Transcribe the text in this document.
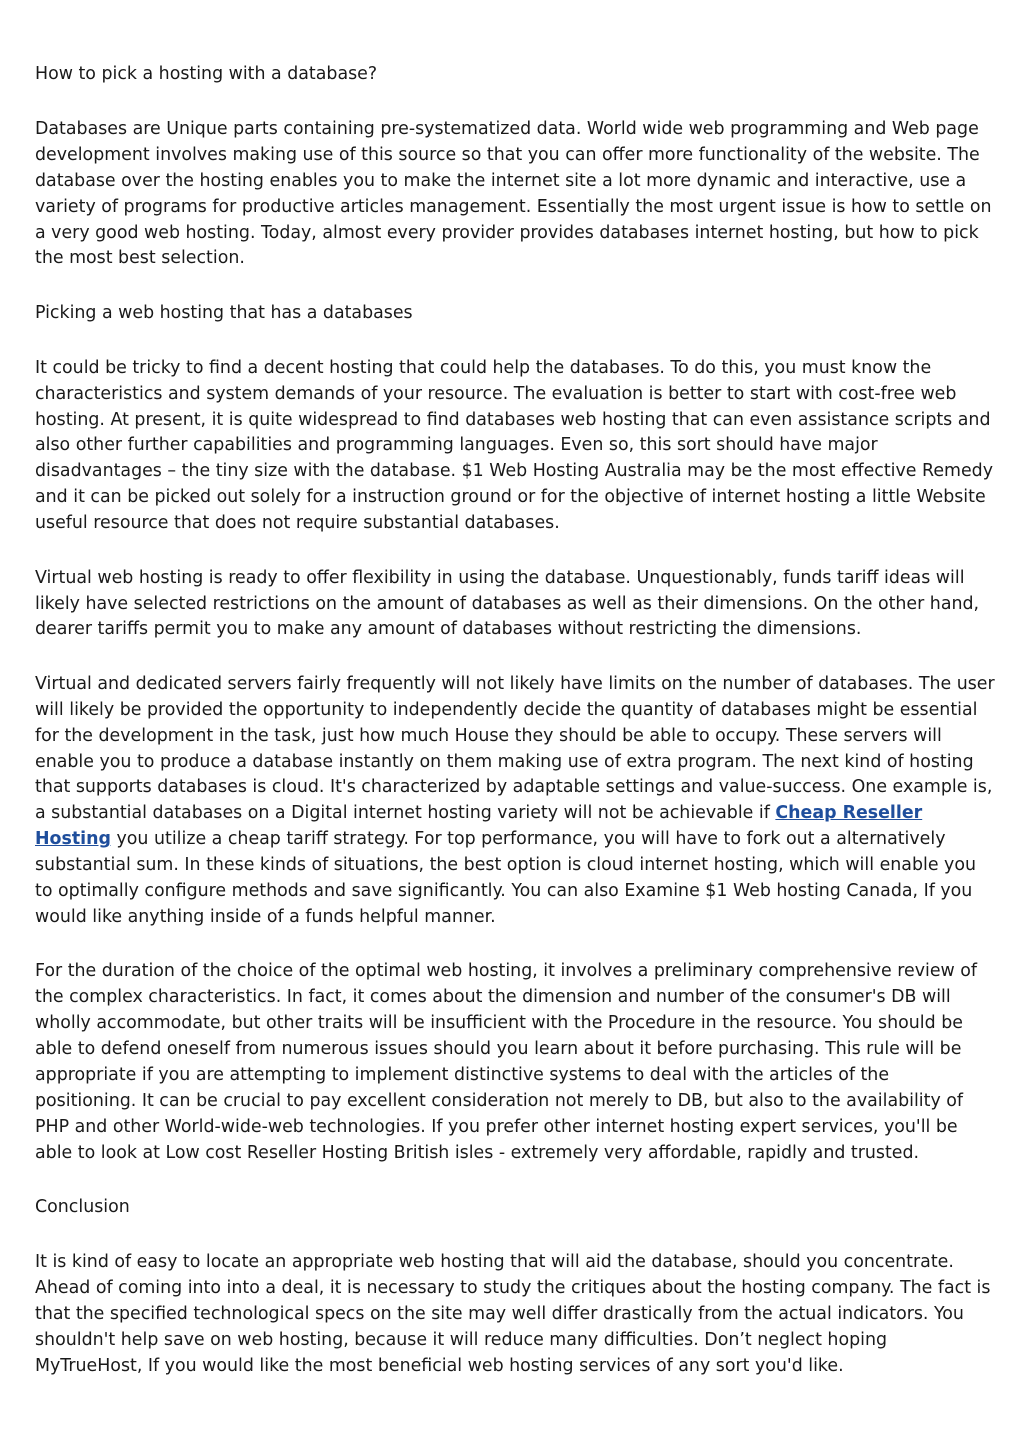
How to pick a hosting with a database?

Databases are Unique parts containing pre-systematized data. World wide web programming and Web page development involves making use of this source so that you can offer more functionality of the website. The database over the hosting enables you to make the internet site a lot more dynamic and interactive, use a variety of programs for productive articles management. Essentially the most urgent issue is how to settle on a very good web hosting. Today, almost every provider provides databases internet hosting, but how to pick the most best selection.

Picking a web hosting that has a databases

It could be tricky to find a decent hosting that could help the databases. To do this, you must know the characteristics and system demands of your resource. The evaluation is better to start with cost-free web hosting. At present, it is quite widespread to find databases web hosting that can even assistance scripts and also other further capabilities and programming languages. Even so, this sort should have major disadvantages – the tiny size with the database. $1 Web Hosting Australia may be the most effective Remedy and it can be picked out solely for a instruction ground or for the objective of internet hosting a little Website useful resource that does not require substantial databases.

Virtual web hosting is ready to offer flexibility in using the database. Unquestionably, funds tariff ideas will likely have selected restrictions on the amount of databases as well as their dimensions. On the other hand, dearer tariffs permit you to make any amount of databases without restricting the dimensions.

Virtual and dedicated servers fairly frequently will not likely have limits on the number of databases. The user will likely be provided the opportunity to independently decide the quantity of databases might be essential for the development in the task, just how much House they should be able to occupy. These servers will enable you to produce a database instantly on them making use of extra program. The next kind of hosting that supports databases is cloud. It's characterized by adaptable settings and value-success. One example is, a substantial databases on a Digital internet hosting variety will not be achievable if Cheap Reseller Hosting you utilize a cheap tariff strategy. For top performance, you will have to fork out a alternatively substantial sum. In these kinds of situations, the best option is cloud internet hosting, which will enable you to optimally configure methods and save significantly. You can also Examine $1 Web hosting Canada, If you would like anything inside of a funds helpful manner.

For the duration of the choice of the optimal web hosting, it involves a preliminary comprehensive review of the complex characteristics. In fact, it comes about the dimension and number of the consumer's DB will wholly accommodate, but other traits will be insufficient with the Procedure in the resource. You should be able to defend oneself from numerous issues should you learn about it before purchasing. This rule will be appropriate if you are attempting to implement distinctive systems to deal with the articles of the positioning. It can be crucial to pay excellent consideration not merely to DB, but also to the availability of PHP and other World-wide-web technologies. If you prefer other internet hosting expert services, you'll be able to look at Low cost Reseller Hosting British isles - extremely very affordable, rapidly and trusted.

Conclusion

It is kind of easy to locate an appropriate web hosting that will aid the database, should you concentrate. Ahead of coming into into a deal, it is necessary to study the critiques about the hosting company. The fact is that the specified technological specs on the site may well differ drastically from the actual indicators. You shouldn't help save on web hosting, because it will reduce many difficulties. Don’t neglect hoping MyTrueHost, If you would like the most beneficial web hosting services of any sort you'd like.
